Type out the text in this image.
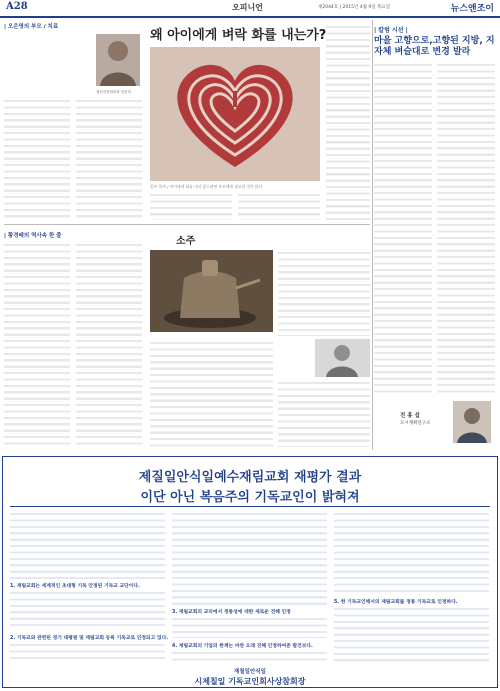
A28	오피니언	제2044호 | 2015년 4월 9일 목요일	뉴스앤조이
| 오은영의 부모 / 치료
정신건강의학과 전문의
왜 아이에게 벼락 화를 내는가?
일부 육아 / 아이에게 화를 내지 않으려면 부모에게 필요한 것은 많다
| 황경배의 역사속 한 줄	소주
| 칼럼 시선 |
마을 고향으로,고향된 지방, 지자체 벼슬대로 변경 발라
전 홍 섭
도시계획연구소
제질일안식일예수재림교회 재평가 결과
이단 아닌 복음주의 기독교인이 밝혀져
1. 재림교회는 세계적인 초대형 기독 안정된 기독교 교단이다.
2. 기독교와 관련된 정기 대평원 및 재림교회 등록 기독교로 인정되고 있다.
3. 재림교회의 교리에서 정통성에 대한 새로운 견해 인정
4. 재림교회의 기업의 한계는 마찬 오래 진해 인정하여준 발견보다.
5. 한 기독교인께서의 재림교회를 정통 기독교로 인정하다.
재칠일안식일
시제칠일 기독교인회사상참회장
